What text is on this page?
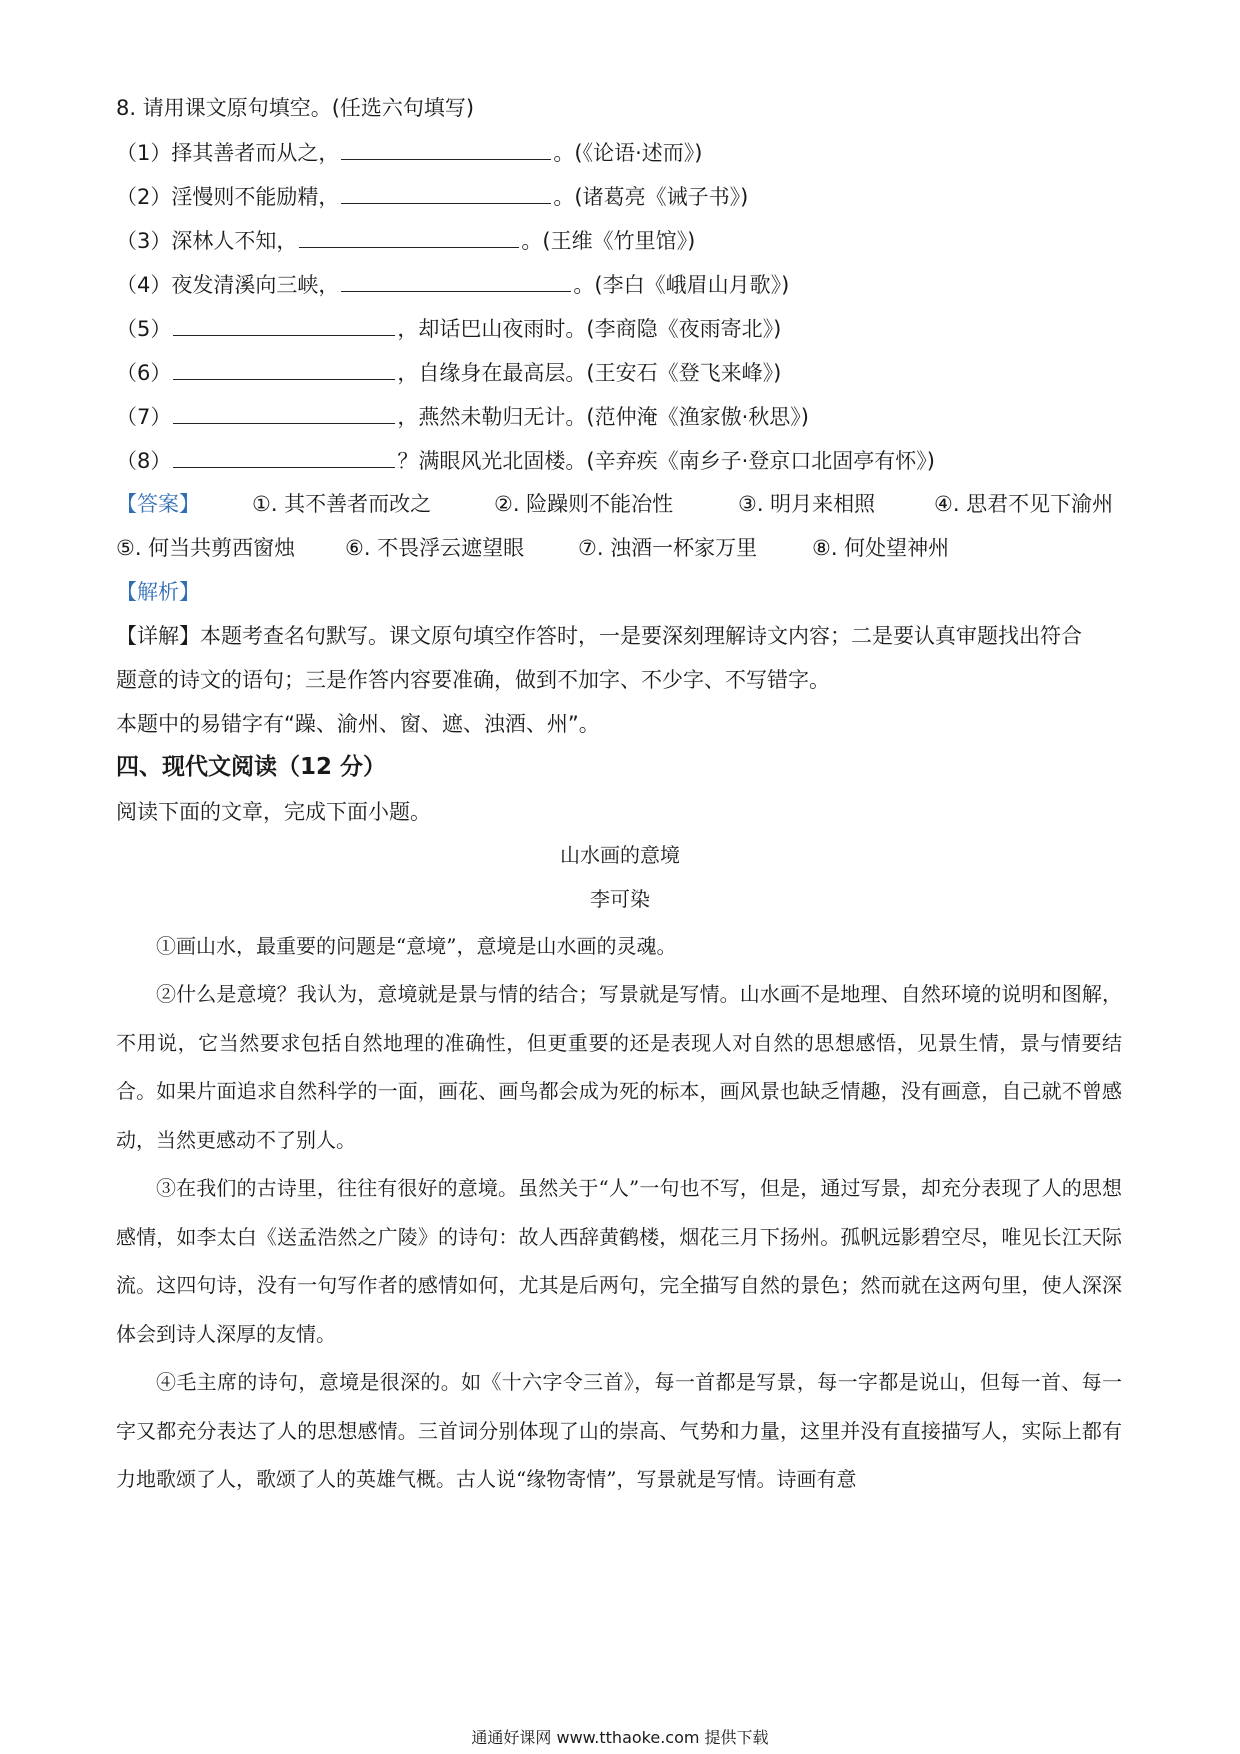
8. 请用课文原句填空。(任选六句填写)
（1）择其善者而从之，	。(《论语·述而》)
（2）淫慢则不能励精，	。(诸葛亮《诫子书》)
（3）深林人不知，	。(王维《竹里馆》)
（4）夜发清溪向三峡，	。(李白《峨眉山月歌》)
（5）	，却话巴山夜雨时。(李商隐《夜雨寄北》)
（6）	，自缘身在最高层。(王安石《登飞来峰》)
（7）	，燕然未勒归无计。(范仲淹《渔家傲·秋思》)
（8）	？满眼风光北固楼。(辛弃疾《南乡子·登京口北固亭有怀》)
【答案】 ①. 其不善者而改之	②. 险躁则不能冶性	③. 明月来相照	④. 思君不见下渝州
⑤. 何当共剪西窗烛 ⑥. 不畏浮云遮望眼	⑦. 浊酒一杯家万里	⑧. 何处望神州
【解析】
【详解】本题考查名句默写。课文原句填空作答时，一是要深刻理解诗文内容；二是要认真审题找出符合
题意的诗文的语句；三是作答内容要准确，做到不加字、不少字、不写错字。
本题中的易错字有“躁、渝州、窗、遮、浊酒、州”。
四、现代文阅读（12 分）
阅读下面的文章，完成下面小题。
山水画的意境
李可染
①画山水，最重要的问题是“意境”，意境是山水画的灵魂。
②什么是意境？我认为，意境就是景与情的结合；写景就是写情。山水画不是地理、自然环境的说明和图解，不用说，它当然要求包括自然地理的准确性，但更重要的还是表现人对自然的思想感悟，见景生情，景与情要结合。如果片面追求自然科学的一面，画花、画鸟都会成为死的标本，画风景也缺乏情趣，没有画意，自己就不曾感动，当然更感动不了别人。
③在我们的古诗里，往往有很好的意境。虽然关于“人”一句也不写，但是，通过写景，却充分表现了人的思想感情，如李太白《送孟浩然之广陵》的诗句：故人西辞黄鹤楼，烟花三月下扬州。孤帆远影碧空尽，唯见长江天际流。这四句诗，没有一句写作者的感情如何，尤其是后两句，完全描写自然的景色；然而就在这两句里，使人深深体会到诗人深厚的友情。
④毛主席的诗句，意境是很深的。如《十六字令三首》，每一首都是写景，每一字都是说山，但每一首、每一字又都充分表达了人的思想感情。三首词分别体现了山的崇高、气势和力量，这里并没有直接描写人，实际上都有力地歌颂了人，歌颂了人的英雄气概。古人说“缘物寄情”，写景就是写情。诗画有意
通通好课网 www.tthaoke.com 提供下载
